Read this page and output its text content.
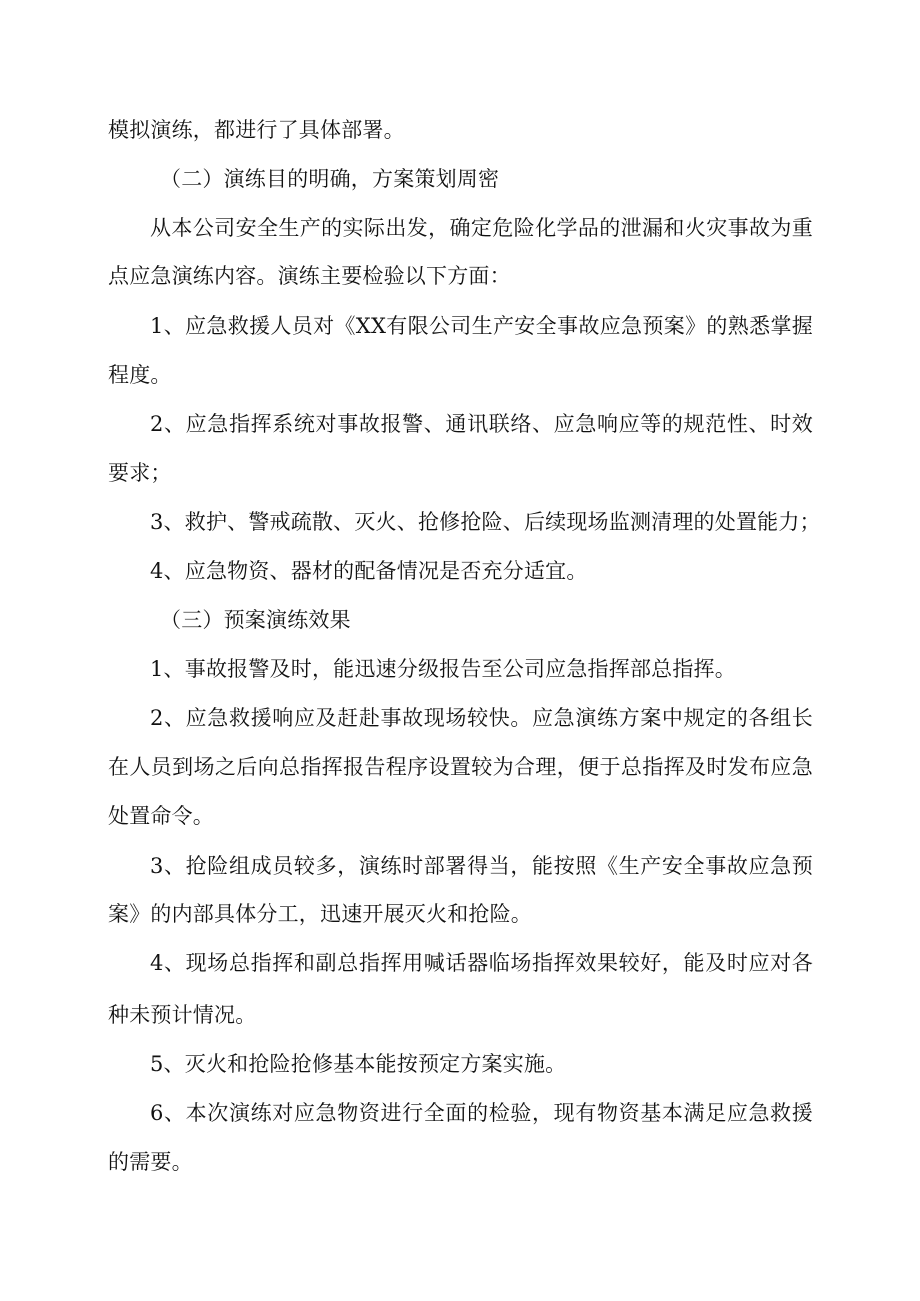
模拟演练，都进行了具体部署。
（二）演练目的明确，方案策划周密
从本公司安全生产的实际出发，确定危险化学品的泄漏和火灾事故为重
点应急演练内容。演练主要检验以下方面：
1、应急救援人员对《XX有限公司生产安全事故应急预案》的熟悉掌握
程度。
2、应急指挥系统对事故报警、通讯联络、应急响应等的规范性、时效
要求；
3、救护、警戒疏散、灭火、抢修抢险、后续现场监测清理的处置能力；
4、应急物资、器材的配备情况是否充分适宜。
（三）预案演练效果
1、事故报警及时，能迅速分级报告至公司应急指挥部总指挥。
2、应急救援响应及赶赴事故现场较快。应急演练方案中规定的各组长
在人员到场之后向总指挥报告程序设置较为合理，便于总指挥及时发布应急
处置命令。
3、抢险组成员较多，演练时部署得当，能按照《生产安全事故应急预
案》的内部具体分工，迅速开展灭火和抢险。
4、现场总指挥和副总指挥用喊话器临场指挥效果较好，能及时应对各
种未预计情况。
5、灭火和抢险抢修基本能按预定方案实施。
6、本次演练对应急物资进行全面的检验，现有物资基本满足应急救援
的需要。
